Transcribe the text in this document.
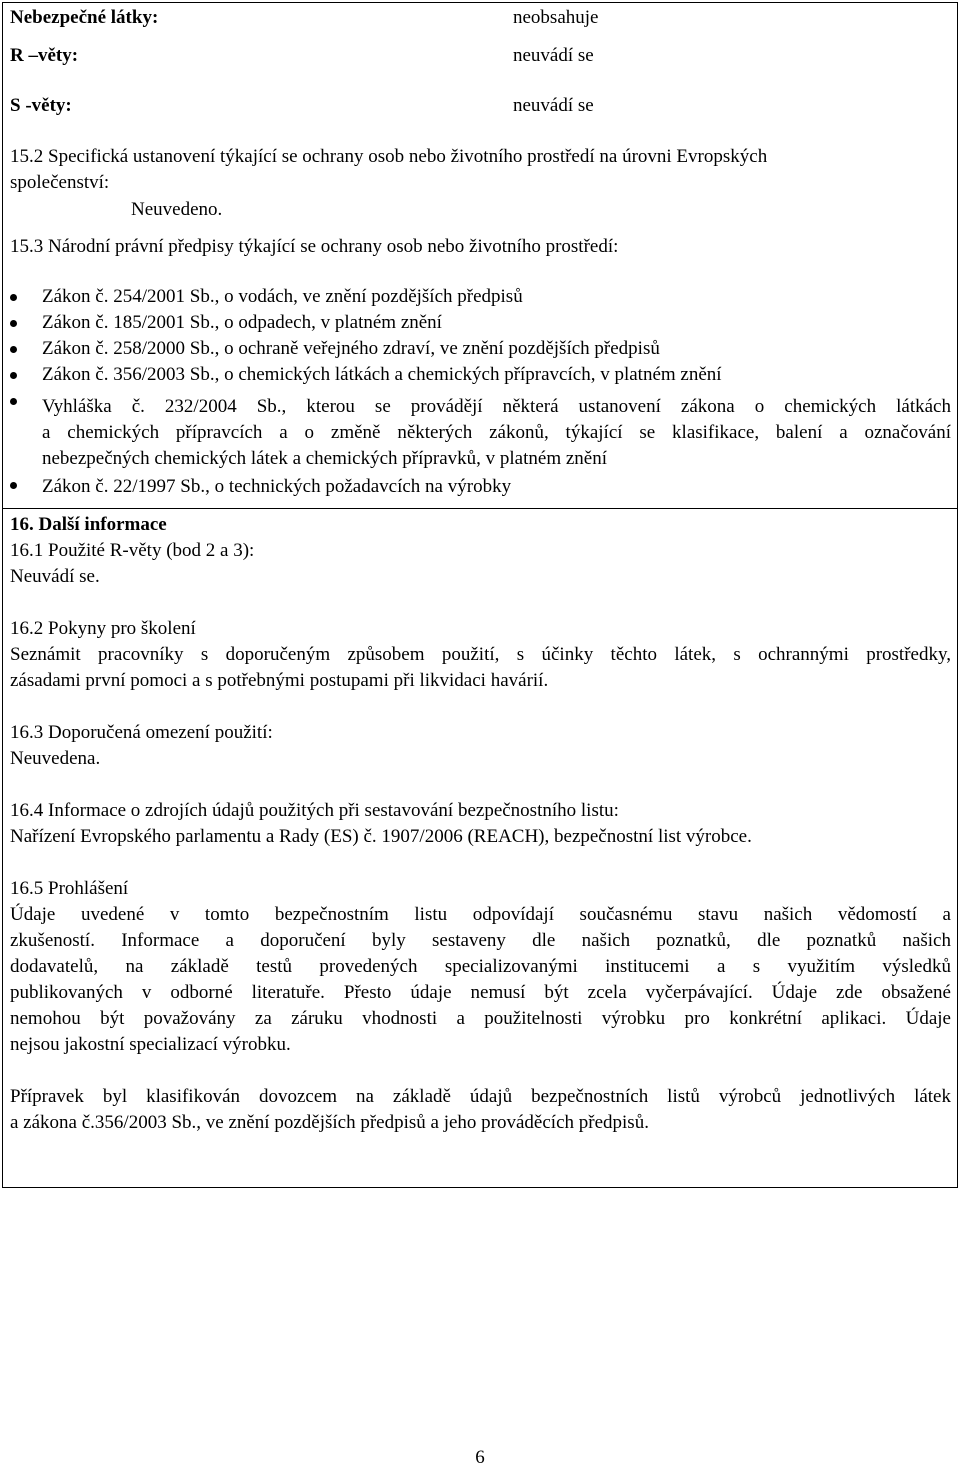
Nebezpečné látky:	neobsahuje
R –věty:	neuvádí se
S -věty:	neuvádí se
15.2 Specifická ustanovení týkající se ochrany osob nebo životního prostředí na úrovni Evropských
společenství:
Neuvedeno.
15.3 Národní právní předpisy týkající se ochrany osob nebo životního prostředí:
Zákon č. 254/2001 Sb., o vodách, ve znění pozdějších předpisů
Zákon č. 185/2001 Sb., o odpadech, v platném znění
Zákon č. 258/2000 Sb., o ochraně veřejného zdraví, ve znění pozdějších předpisů
Zákon č. 356/2003 Sb., o chemických látkách a chemických přípravcích, v platném znění
Vyhláška č. 232/2004 Sb., kterou se provádějí některá ustanovení zákona o chemických látkách
a chemických přípravcích a o změně některých zákonů, týkající se klasifikace, balení a označování
nebezpečných chemických látek a chemických přípravků, v platném znění
Zákon č. 22/1997 Sb., o technických požadavcích na výrobky
16. Další informace
16.1 Použité R-věty (bod 2 a 3):
Neuvádí se.
16.2 Pokyny pro školení
Seznámit pracovníky s doporučeným způsobem použití, s účinky těchto látek, s ochrannými prostředky,
zásadami první pomoci a s potřebnými postupami při likvidaci havárií.
16.3 Doporučená omezení použití:
Neuvedena.
16.4 Informace o zdrojích údajů použitých při sestavování bezpečnostního listu:
Nařízení Evropského parlamentu a Rady (ES) č. 1907/2006 (REACH), bezpečnostní list výrobce.
16.5 Prohlášení
Údaje uvedené v tomto bezpečnostním listu odpovídají současnému stavu našich vědomostí a
zkušeností. Informace a doporučení byly sestaveny dle našich poznatků, dle poznatků našich
dodavatelů, na základě testů provedených specializovanými institucemi a s využitím výsledků
publikovaných v odborné literatuře. Přesto údaje nemusí být zcela vyčerpávající. Údaje zde obsažené
nemohou být považovány za záruku vhodnosti a použitelnosti výrobku pro konkrétní aplikaci. Údaje
nejsou jakostní specializací výrobku.
Přípravek byl klasifikován dovozcem na základě údajů bezpečnostních listů výrobců jednotlivých látek
a zákona č.356/2003 Sb., ve znění pozdějších předpisů a jeho prováděcích předpisů.
6
